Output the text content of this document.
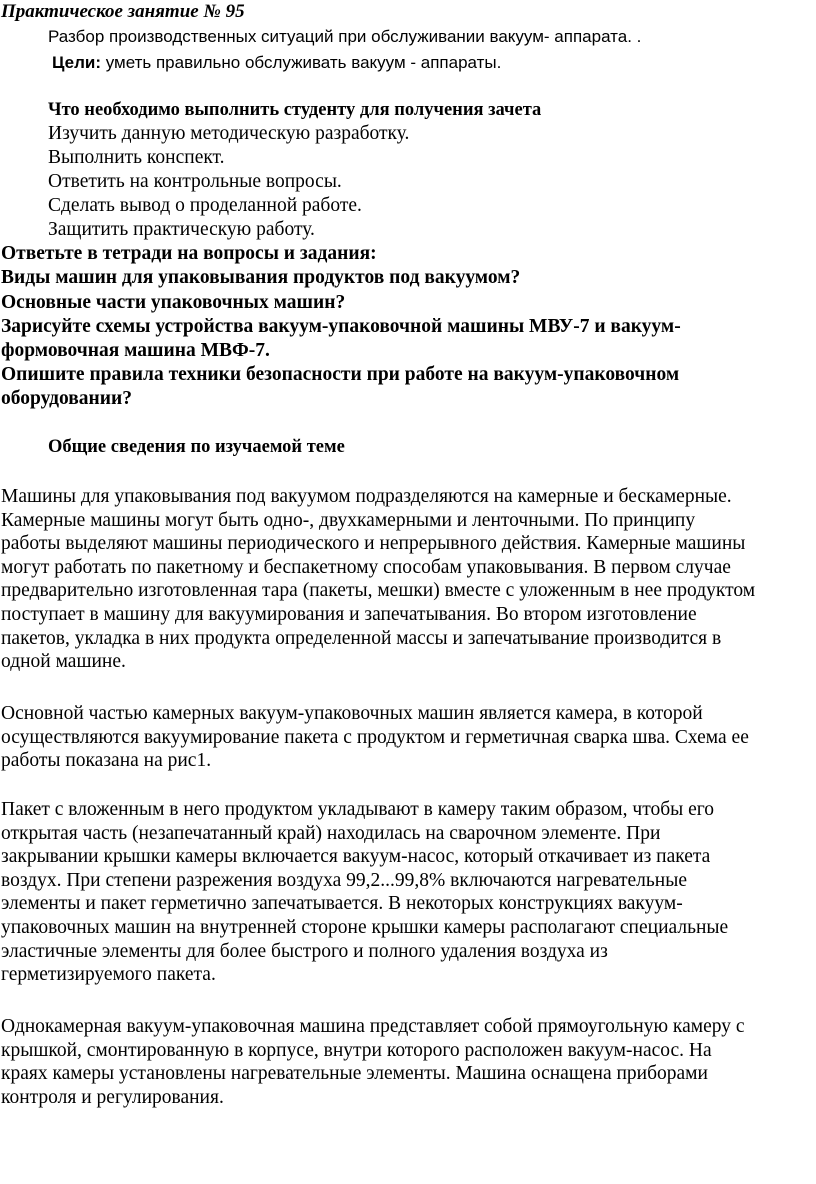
Практическое занятие № 95
Разбор производственных ситуаций при обслуживании вакуум- аппарата. .
Цели: уметь правильно обслуживать вакуум - аппараты.
Что необходимо выполнить студенту для получения зачета
Изучить данную методическую разработку.
Выполнить конспект.
Ответить на контрольные вопросы.
Сделать вывод о проделанной работе.
Защитить практическую работу.
Ответьте в тетради на вопросы и задания:
Виды машин для упаковывания продуктов под вакуумом?
Основные части упаковочных машин?
Зарисуйте схемы устройства вакуум-упаковочной машины МВУ-7 и вакуум-
формовочная машина МВФ-7.
Опишите правила техники безопасности при работе на вакуум-упаковочном
оборудовании?
Общие сведения по изучаемой теме
Машины для упаковывания под вакуумом подразделяются на камерные и бескамерные.
Камерные машины могут быть одно-, двухкамерными и ленточными. По принципу
работы выделяют машины периодического и непрерывного действия. Камерные машины
могут работать по пакетному и беспакетному способам упаковывания. В первом случае
предварительно изготовленная тара (пакеты, мешки) вместе с уложенным в нее продуктом
поступает в машину для вакуумирования и запечатывания. Во втором изготовление
пакетов, укладка в них продукта определенной массы и запечатывание производится в
одной машине.
Основной частью камерных вакуум-упаковочных машин является камера, в которой
осуществляются вакуумирование пакета с продуктом и герметичная сварка шва. Схема ее
работы показана на рис1.
Пакет с вложенным в него продуктом укладывают в камеру таким образом, чтобы его
открытая часть (незапечатанный край) находилась на сварочном элементе. При
закрывании крышки камеры включается вакуум-насос, который откачивает из пакета
воздух. При степени разрежения воздуха 99,2...99,8% включаются нагревательные
элементы и пакет герметично запечатывается. В некоторых конструкциях вакуум-
упаковочных машин на внутренней стороне крышки камеры располагают специальные
эластичные элементы для более быстрого и полного удаления воздуха из
герметизируемого пакета.
Однокамерная вакуум-упаковочная машина представляет собой прямоугольную камеру с
крышкой, смонтированную в корпусе, внутри которого расположен вакуум-насос. На
краях камеры установлены нагревательные элементы. Машина оснащена приборами
контроля и регулирования.
